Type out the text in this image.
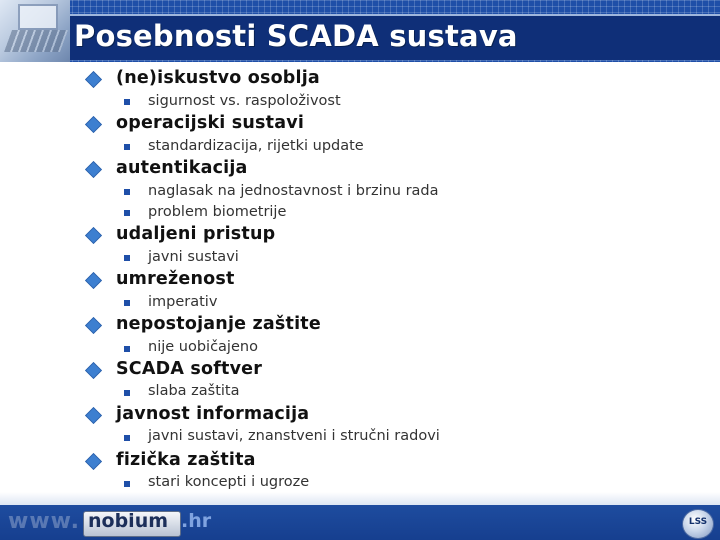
Posebnosti SCADA sustava
(ne)iskustvo osoblja
sigurnost vs. raspoloživost
operacijski sustavi
standardizacija, rijetki update
autentikacija
naglasak na jednostavnost i brzinu rada
problem biometrije
udaljeni pristup
javni sustavi
umreženost
imperativ
nepostojanje zaštite
nije uobičajeno
SCADA softver
slaba zaštita
javnost informacija
javni sustavi, znanstveni i stručni radovi
fizička zaštita
stari koncepti i ugroze
www. nobium .hr	LSS
